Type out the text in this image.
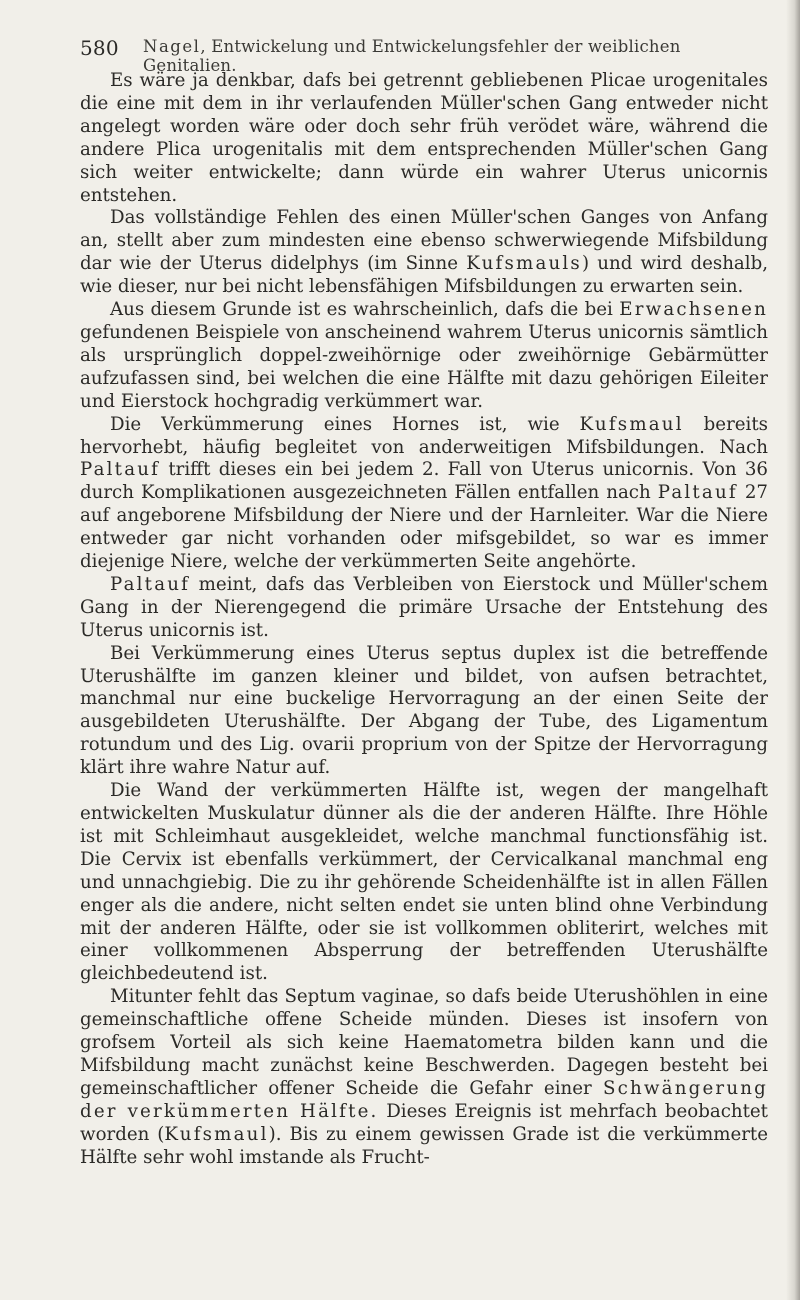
580 Nagel, Entwickelung und Entwickelungsfehler der weiblichen Genitalien.

Es wäre ja denkbar, dafs bei getrennt gebliebenen Plicae urogenitales die eine mit dem in ihr verlaufenden Müller'schen Gang entweder nicht angelegt worden wäre oder doch sehr früh verödet wäre, während die andere Plica urogenitalis mit dem entsprechenden Müller'schen Gang sich weiter entwickelte; dann würde ein wahrer Uterus unicornis entstehen.

Das vollständige Fehlen des einen Müller'schen Ganges von Anfang an, stellt aber zum mindesten eine ebenso schwerwiegende Mifsbildung dar wie der Uterus didelphys (im Sinne Kufsmauls) und wird deshalb, wie dieser, nur bei nicht lebensfähigen Mifsbildungen zu erwarten sein.

Aus diesem Grunde ist es wahrscheinlich, dafs die bei Erwachsenen gefundenen Beispiele von anscheinend wahrem Uterus unicornis sämtlich als ursprünglich doppel-zweihörnige oder zweihörnige Gebärmütter aufzufassen sind, bei welchen die eine Hälfte mit dazu gehörigen Eileiter und Eierstock hochgradig verkümmert war.

Die Verkümmerung eines Hornes ist, wie Kufsmaul bereits hervorhebt, häufig begleitet von anderweitigen Mifsbildungen. Nach Paltauf trifft dieses ein bei jedem 2. Fall von Uterus unicornis. Von 36 durch Komplikationen ausgezeichneten Fällen entfallen nach Paltauf 27 auf angeborene Mifsbildung der Niere und der Harnleiter. War die Niere entweder gar nicht vorhanden oder mifsgebildet, so war es immer diejenige Niere, welche der verkümmerten Seite angehörte.

Paltauf meint, dafs das Verbleiben von Eierstock und Müller'schem Gang in der Nierengegend die primäre Ursache der Entstehung des Uterus unicornis ist.

Bei Verkümmerung eines Uterus septus duplex ist die betreffende Uterushälfte im ganzen kleiner und bildet, von aufsen betrachtet, manchmal nur eine buckelige Hervorragung an der einen Seite der ausgebildeten Uterushälfte. Der Abgang der Tube, des Ligamentum rotundum und des Lig. ovarii proprium von der Spitze der Hervorragung klärt ihre wahre Natur auf.

Die Wand der verkümmerten Hälfte ist, wegen der mangelhaft entwickelten Muskulatur dünner als die der anderen Hälfte. Ihre Höhle ist mit Schleimhaut ausgekleidet, welche manchmal functionsfähig ist. Die Cervix ist ebenfalls verkümmert, der Cervicalkanal manchmal eng und unnachgiebig. Die zu ihr gehörende Scheidenhälfte ist in allen Fällen enger als die andere, nicht selten endet sie unten blind ohne Verbindung mit der anderen Hälfte, oder sie ist vollkommen obliterirt, welches mit einer vollkommenen Absperrung der betreffenden Uterushälfte gleichbedeutend ist.

Mitunter fehlt das Septum vaginae, so dafs beide Uterushöhlen in eine gemeinschaftliche offene Scheide münden. Dieses ist insofern von grofsem Vorteil als sich keine Haematometra bilden kann und die Mifsbildung macht zunächst keine Beschwerden. Dagegen besteht bei gemeinschaftlicher offener Scheide die Gefahr einer Schwängerung der verkümmerten Hälfte. Dieses Ereignis ist mehrfach beobachtet worden (Kufsmaul). Bis zu einem gewissen Grade ist die verkümmerte Hälfte sehr wohl imstande als Frucht-
